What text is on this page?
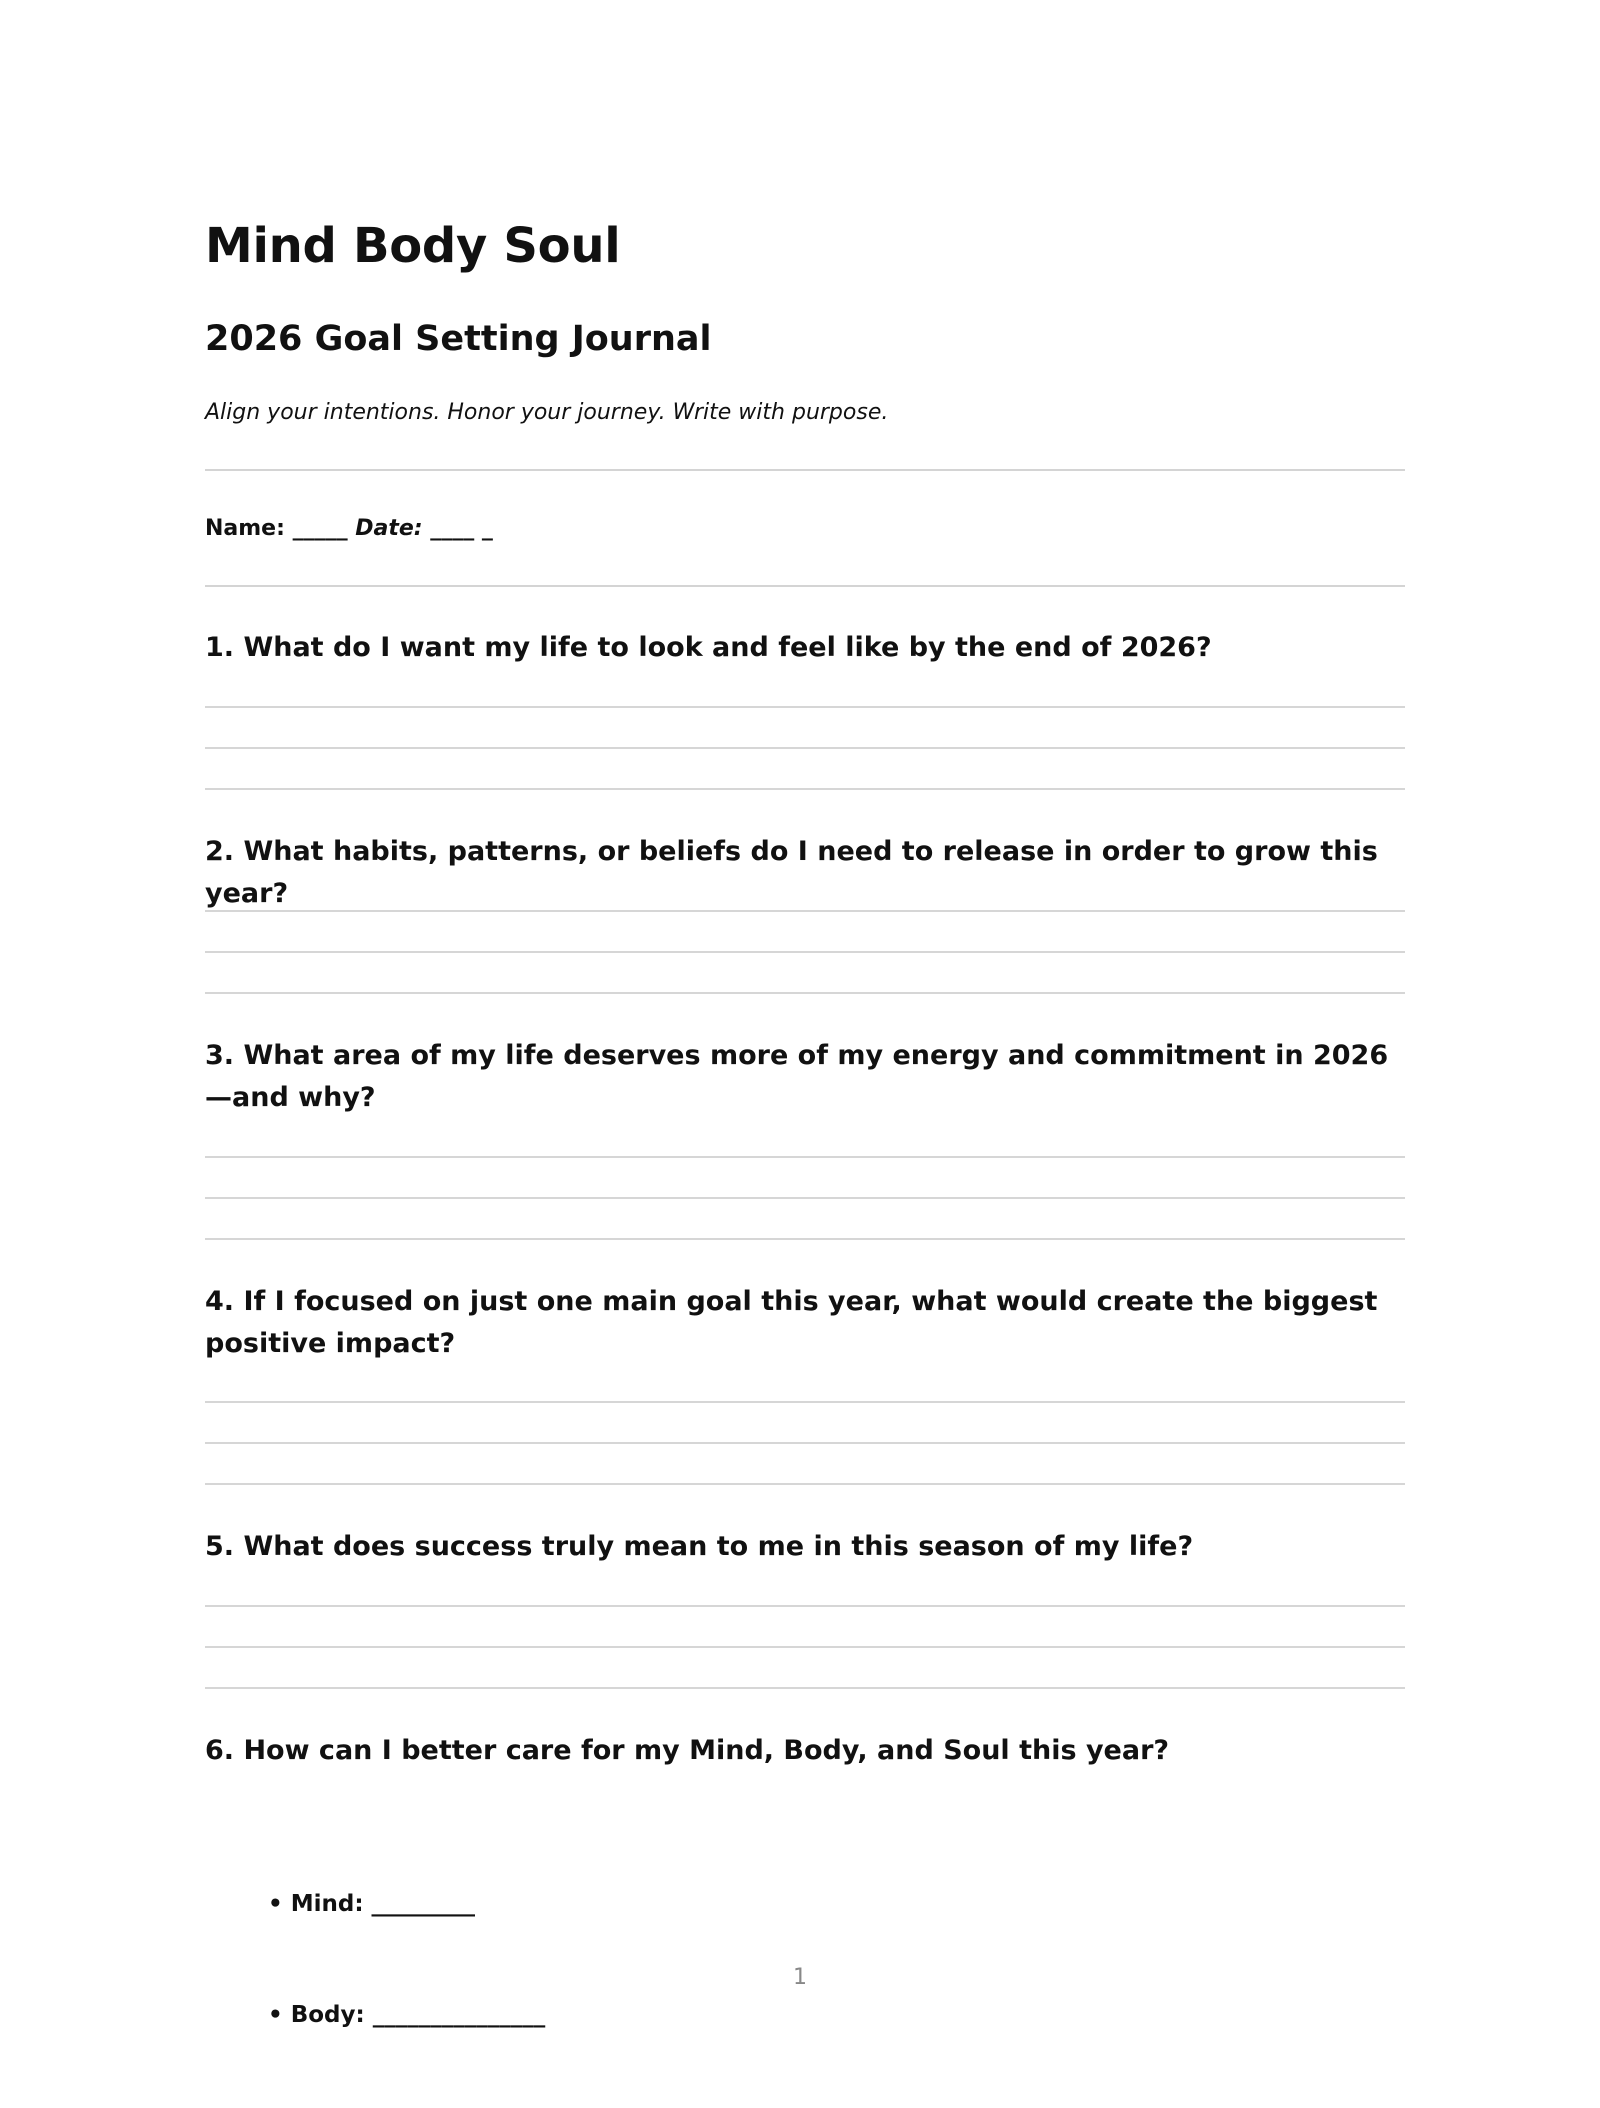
Mind Body Soul
2026 Goal Setting Journal

Align your intentions. Honor your journey. Write with purpose.

Name: _____ Date: ____ _

1. What do I want my life to look and feel like by the end of 2026?

2. What habits, patterns, or beliefs do I need to release in order to grow this year?

3. What area of my life deserves more of my energy and commitment in 2026—and why?

4. If I focused on just one main goal this year, what would create the biggest positive impact?

5. What does success truly mean to me in this season of my life?

6. How can I better care for my Mind, Body, and Soul this year?

• Mind: _________

• Body: _______________

1
